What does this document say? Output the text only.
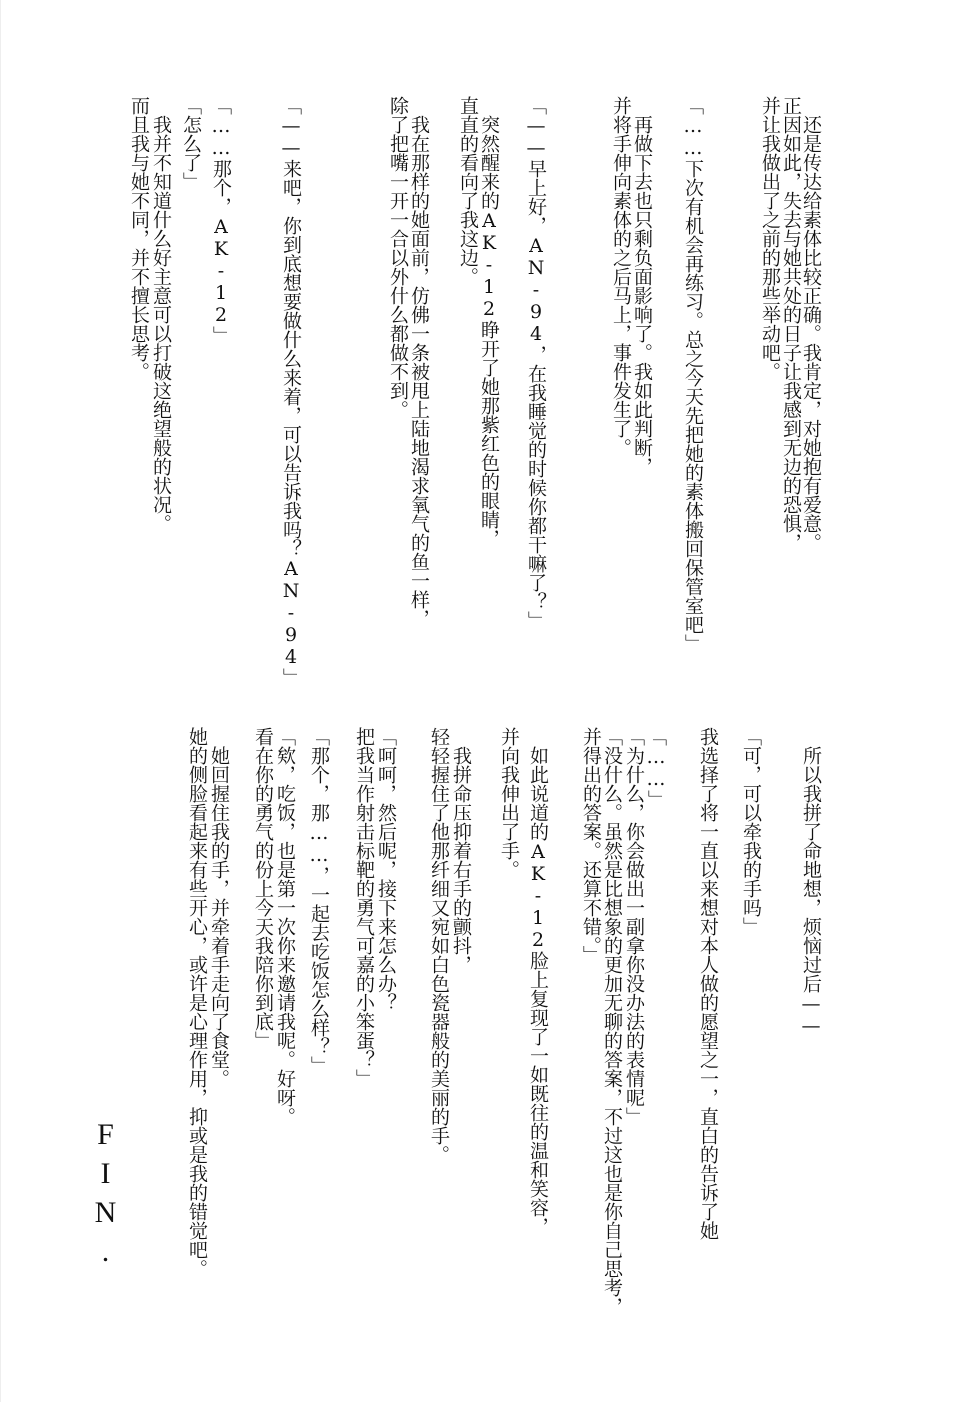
　还是传达给素体比较正确。我肯定，对她抱有爱意。
正因如此，失去与她共处的日子让我感到无边的恐惧，
并让我做出了之前的那些举动吧。
「……下次有机会再练习。总之今天先把她的素体搬回保管室吧」
　再做下去也只剩负面影响了。我如此判断，
并将手伸向素体的之后马上，事件发生了。
「——早上好，AN-94，在我睡觉的时候你都干嘛了？」
　突然醒来的AK-12睁开了她那紫红色的眼睛，
直直的看向了我这边。
　我在那样的她面前，仿佛一条被甩上陆地渴求氧气的鱼一样，
除了把嘴一开一合以外什么都做不到。
「——来吧，你到底想要做什么来着，可以告诉我吗？AN-94」
「……那个，AK-12」
「怎么了」
　我并不知道什么好主意可以打破这绝望般的状况。
而且我与她不同，并不擅长思考。
　所以我拼了命地想，烦恼过后——
「可，可以牵我的手吗」
我选择了将一直以来想对本人做的愿望之一，直白的告诉了她
「……」
「为什么，你会做出一副拿你没办法的表情呢」
「没什么。虽然是比想象的更加无聊的答案，不过这也是你自己思考，
并得出的答案。还算不错。」
　如此说道的AK-12脸上复现了一如既往的温和笑容，
并向我伸出了手。
　我拼命压抑着右手的颤抖，
轻轻握住了他那纤细又宛如白色瓷器般的美丽的手。
「呵呵，然后呢，接下来怎么办？
把我当作射击标靶的勇气可嘉的小笨蛋？」
「那个，那……，一起去吃饭怎么样？」
「欸，吃饭，也是第一次你来邀请我呢。好呀。
看在你的勇气的份上今天我陪你到底」
　她回握住我的手，并牵着手走向了食堂。
她的侧脸看起来有些开心，或许是心理作用，抑或是我的错觉吧。
FIN.
